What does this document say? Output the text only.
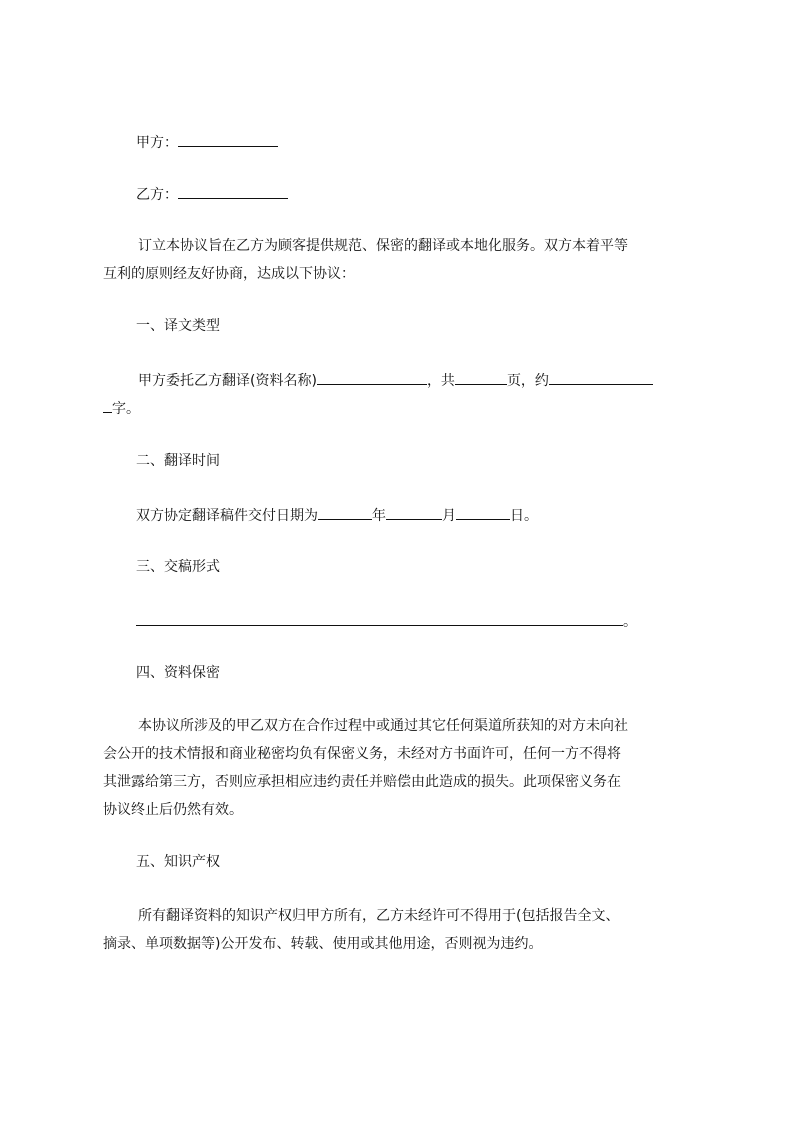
甲方：
乙方：
订立本协议旨在乙方为顾客提供规范、保密的翻译或本地化服务。双方本着平等
互利的原则经友好协商，达成以下协议：
一、译文类型
甲方委托乙方翻译(资料名称)	，共	页，约
字。
二、翻译时间
双方协定翻译稿件交付日期为	年	月	日。
三、交稿形式
。
四、资料保密
本协议所涉及的甲乙双方在合作过程中或通过其它任何渠道所获知的对方未向社
会公开的技术情报和商业秘密均负有保密义务，未经对方书面许可，任何一方不得将
其泄露给第三方，否则应承担相应违约责任并赔偿由此造成的损失。此项保密义务在
协议终止后仍然有效。
五、知识产权
所有翻译资料的知识产权归甲方所有，乙方未经许可不得用于(包括报告全文、
摘录、单项数据等)公开发布、转载、使用或其他用途，否则视为违约。
